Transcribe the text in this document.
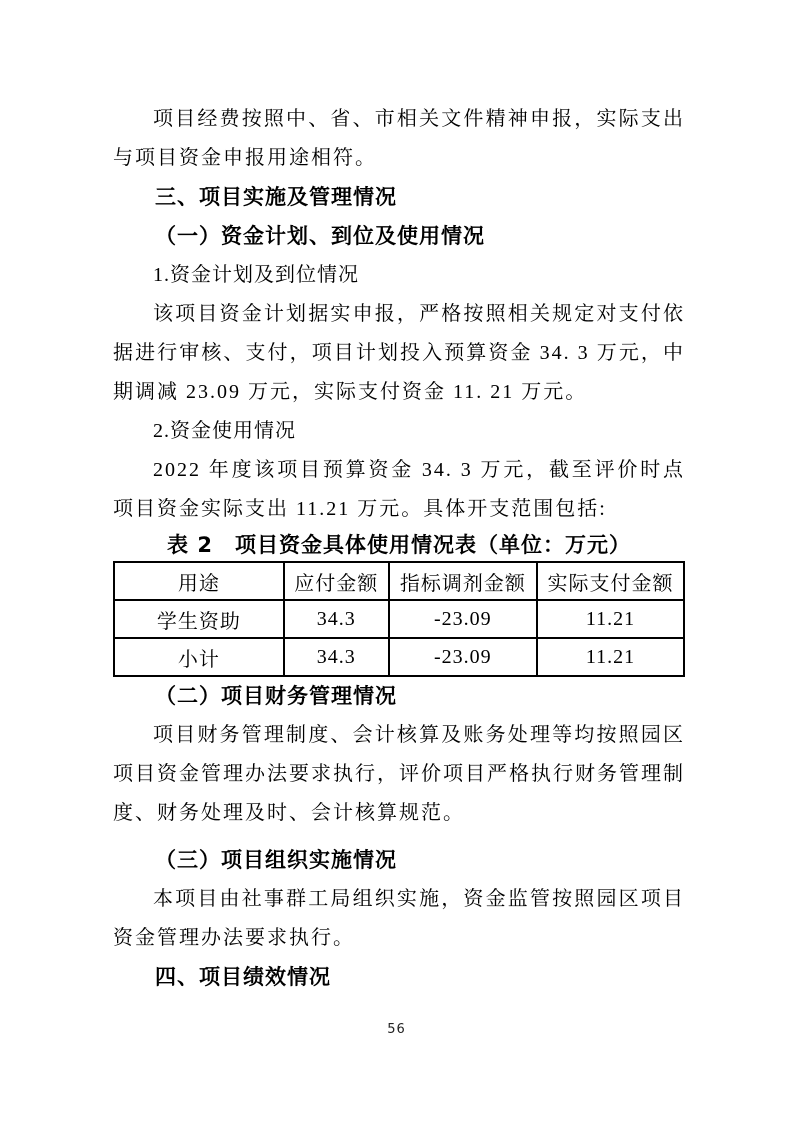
项目经费按照中、省、市相关文件精神申报，实际支出与项目资金申报用途相符。

三、项目实施及管理情况
（一）资金计划、到位及使用情况

1.资金计划及到位情况

该项目资金计划据实申报，严格按照相关规定对支付依据进行审核、支付，项目计划投入预算资金 34. 3 万元，中期调减 23.09 万元，实际支付资金 11. 21 万元。

2.资金使用情况

2022 年度该项目预算资金 34. 3 万元，截至评价时点项目资金实际支出 11.21 万元。具体开支范围包括:

表 2 项目资金具体使用情况表（单位：万元）
用途	应付金额	指标调剂金额	实际支付金额
学生资助	34.3	-23.09	11.21
小计	34.3	-23.09	11.21
（二）项目财务管理情况

项目财务管理制度、会计核算及账务处理等均按照园区项目资金管理办法要求执行，评价项目严格执行财务管理制度、财务处理及时、会计核算规范。

（三）项目组织实施情况

本项目由社事群工局组织实施，资金监管按照园区项目资金管理办法要求执行。

四、项目绩效情况
56
